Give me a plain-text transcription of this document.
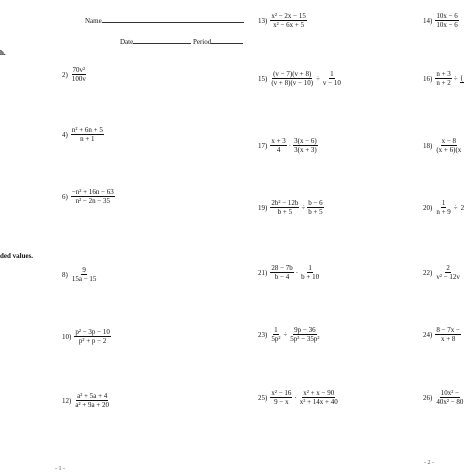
Name
Date	Period
h.
ded values.
$2) \frac{\text{70v²}}{100v}$
$4) \frac{\text{n² + 6n + 5}}{n + 1}$
$6) \frac{\text{−n² + 16n − 63}}{\text{n² − 2n − 35}}$
$8) \frac{9}{15a - 15}$
$10) \frac{\text{p² − 3p − 10}}{\text{p² + p − 2}}$
$12) \frac{\text{a² + 5a + 4}}{\text{a² + 9a + 20}}$
$13) \frac{\text{x² − 2x − 15}}{\text{x² − 6x + 5}}$
$15) \frac{(v - 7)(v + 8)}{(v + 8)(v - 10)} \div \frac{1}{v - 10}$
$17) \frac{x + 3}{4} \cdot \frac{3(x - 6)}{3(x + 3)}$
$19) \frac{\text{2b² − 12b}}{b + 5} \div \frac{b - 6}{b + 5}$
$21) \frac{28 - 7b}{b - 4} \cdot \frac{1}{b + 10}$
$23) \frac{1}{\text{5p²}} \div \frac{9p - 36}{\text{5p³ − 35p²}}$
$25) \frac{\text{x² − 16}}{9 - x} \cdot \frac{\text{x² + x − 90}}{\text{x² + 14x + 40}}$
$14) \frac{10x - 6}{10x - 6}$
$16) \frac{n + 3}{n + 2}$ ÷ (
$18) \frac{x - 8}{(x + 6)(x}$
$20) \frac{1}{n + 9} \div 2$
$22) \frac{2}{\text{v² − 12v}}$
$24) \frac{8 - 7x -}{x + 8}$
$26) \frac{\text{10x² −}}{\text{40x² − 80}}$
- 1 -
- 2 -
